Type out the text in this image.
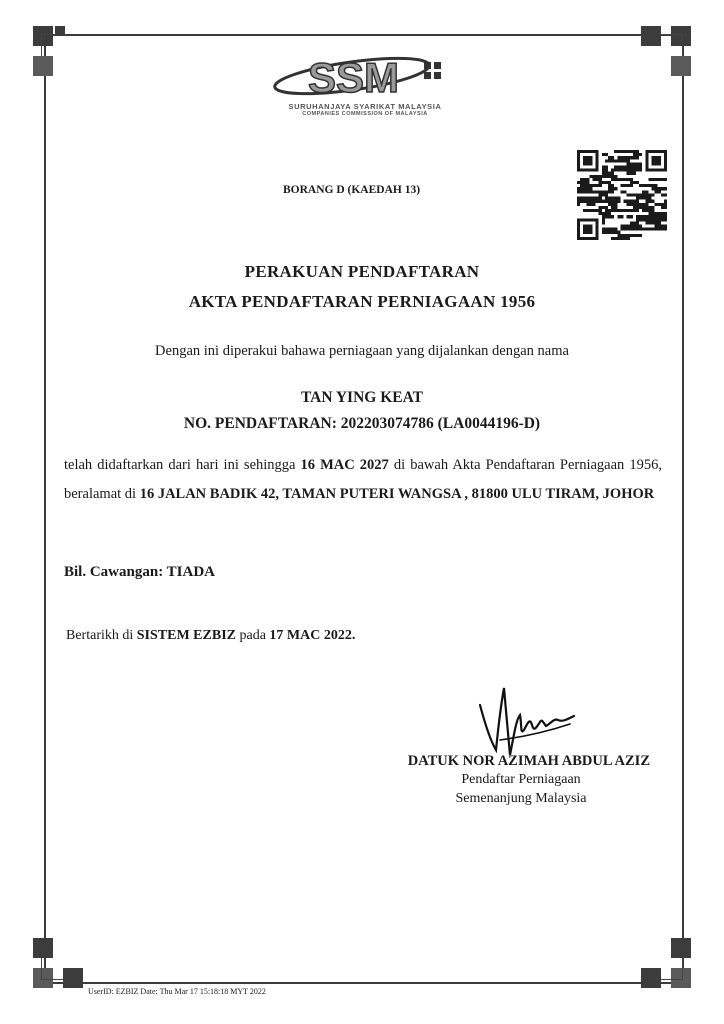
SSM
SURUHANJAYA SYARIKAT MALAYSIA
COMPANIES COMMISSION OF MALAYSIA
BORANG D (KAEDAH 13)
PERAKUAN PENDAFTARAN
AKTA PENDAFTARAN PERNIAGAAN 1956
Dengan ini diperakui bahawa perniagaan yang dijalankan dengan nama
TAN YING KEAT
NO. PENDAFTARAN: 202203074786 (LA0044196-D)
telah didaftarkan dari hari ini sehingga 16 MAC 2027 di bawah Akta Pendaftaran Perniagaan 1956, beralamat di 16 JALAN BADIK 42, TAMAN PUTERI WANGSA , 81800 ULU TIRAM, JOHOR
Bil. Cawangan: TIADA
Bertarikh di SISTEM EZBIZ pada 17 MAC 2022.
DATUK NOR AZIMAH ABDUL AZIZ
Pendaftar Perniagaan
Semenanjung Malaysia
UserID: EZBIZ Date: Thu Mar 17 15:18:18 MYT 2022
